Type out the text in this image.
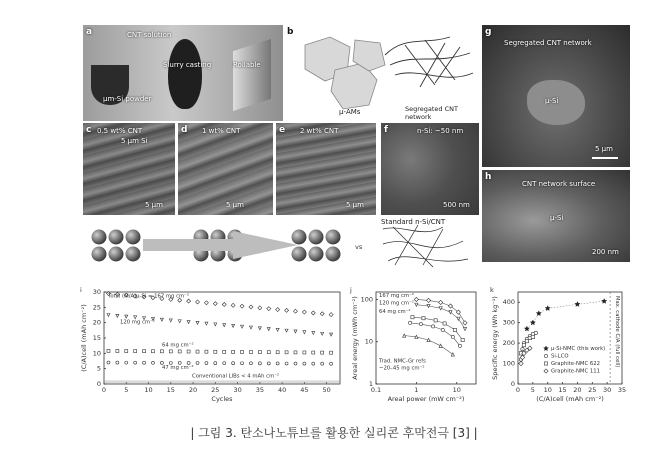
a	CNT solution
Slurry casting	Rollable
μm-Si powder
b
μ-AMs	Segregated CNT network
g
Segregated CNT network
μ-Si
5 μm
c 0.5 wt% CNT
5 μm Si
5 μm
d 1 wt% CNT
5 μm
e 2 wt% CNT
5 μm
f	n-Si: ~50 nm
500 nm
Standard n-Si/CNT
h
CNT network surface
μ-Si
200 nm
vs
0	5 10 15 20 25 30 35 40 45 50
0
5
10
15
20
25
30
Cycles
(C/A)cell (mAh cm⁻²)
i
Total (M/A)μ-Si = 167 mg cm⁻²
120 mg cm⁻²
64 mg cm⁻²
47 mg cm⁻²
Conventional LIBs < 4 mAh cm⁻²
0.1	1	10
1
10
100
Areal power (mW cm⁻²)
Areal energy (mWh cm⁻²)
j
167 mg cm⁻²
120 mg cm⁻²
64 mg cm⁻²
Trad. NMC-Gr refs
~20–45 mg cm⁻²
0 5 10 15 20 25 30 35
0
100
200
300
400
(C/A)cell (mAh cm⁻²)
Specific energy (Wh kg⁻¹)
k
Max. cathode C/A (full cell)
μ-Si-NMC (this work)
Si-LCO
Graphite-NMC 622
Graphite-NMC 111
| 그림 3. 탄소나노튜브를 활용한 실리콘 후막전극 [3] |
